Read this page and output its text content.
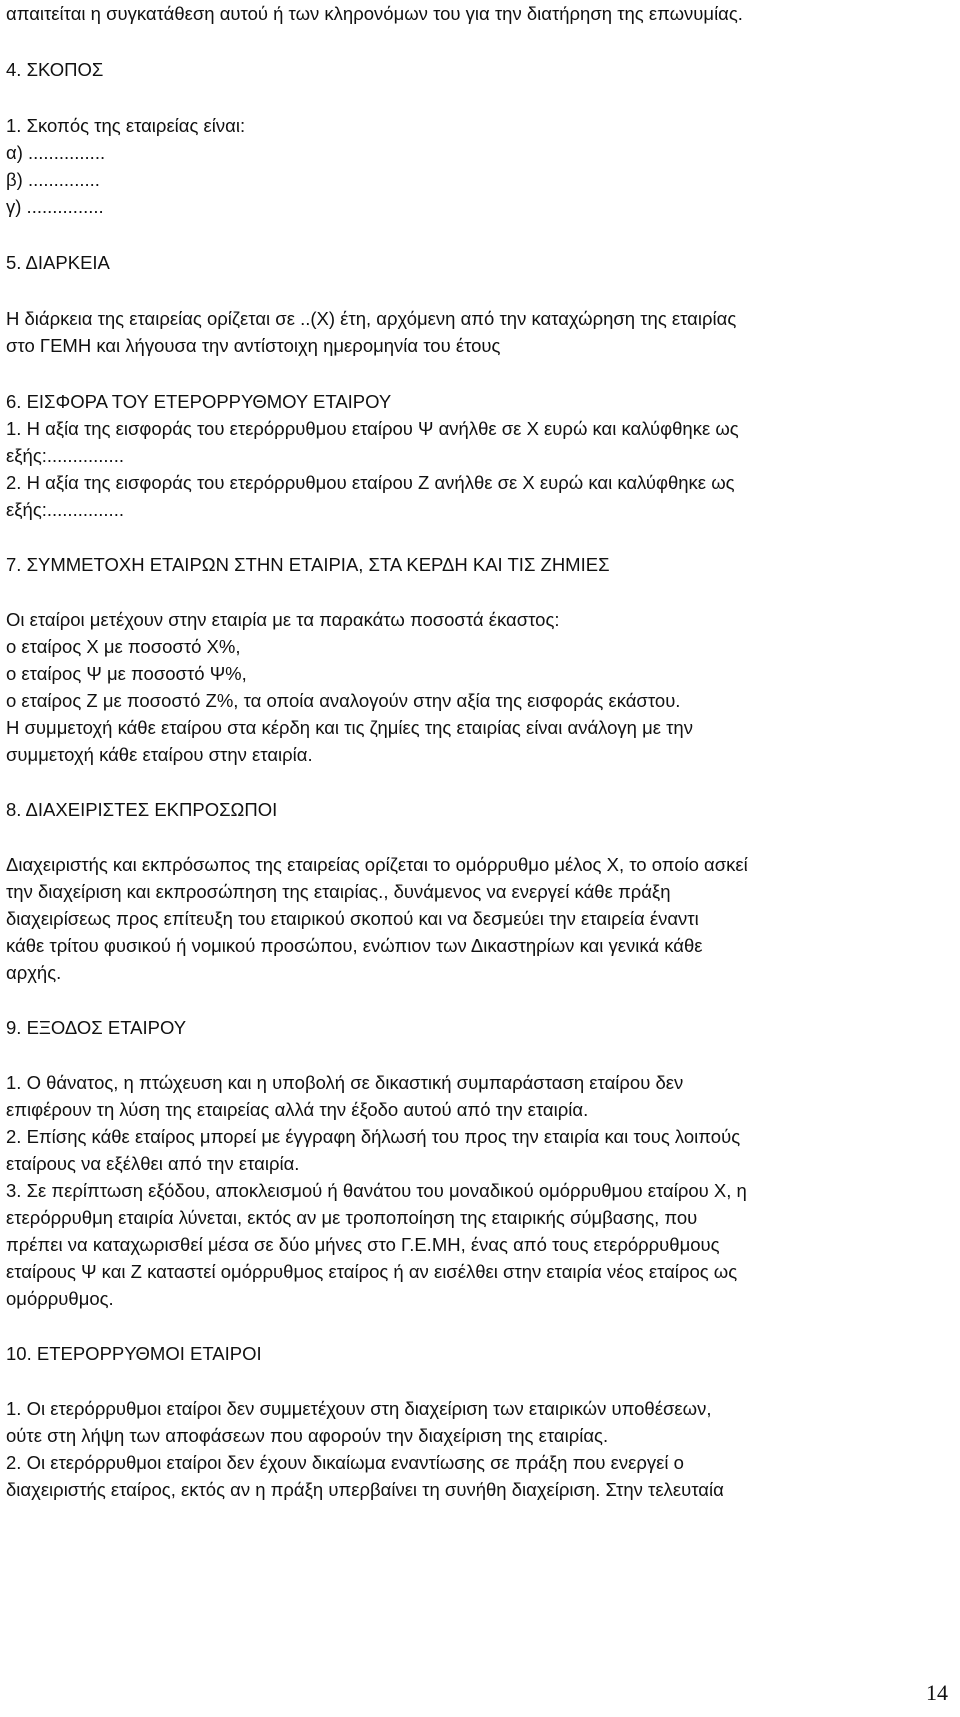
απαιτείται η συγκατάθεση αυτού ή των κληρονόμων του για την διατήρηση της επωνυμίας.
4. ΣΚΟΠΟΣ
1. Σκοπός της εταιρείας είναι:
α) ...............
β) ..............
γ) ...............
5. ΔΙΑΡΚΕΙΑ
Η διάρκεια της εταιρείας ορίζεται σε ..(Χ) έτη, αρχόμενη από την καταχώρηση της εταιρίας
στο ΓΕΜΗ και λήγουσα την αντίστοιχη ημερομηνία του έτους
6. ΕΙΣΦΟΡΑ ΤΟΥ ΕΤΕΡΟΡΡΥΘΜΟΥ ΕΤΑΙΡΟΥ
1. Η αξία της εισφοράς του ετερόρρυθμου εταίρου Ψ ανήλθε σε Χ ευρώ και καλύφθηκε ως
εξής:...............
2. Η αξία της εισφοράς του ετερόρρυθμου εταίρου Ζ ανήλθε σε Χ ευρώ και καλύφθηκε ως
εξής:...............
7. ΣΥΜΜΕΤΟΧΗ ΕΤΑΙΡΩΝ ΣΤΗΝ ΕΤΑΙΡΙΑ, ΣΤΑ ΚΕΡΔΗ ΚΑΙ ΤΙΣ ΖΗΜΙΕΣ
Οι εταίροι μετέχουν στην εταιρία με τα παρακάτω ποσοστά έκαστος:
ο εταίρος Χ με ποσοστό Χ%,
ο εταίρος Ψ με ποσοστό Ψ%,
ο εταίρος Ζ με ποσοστό Ζ%, τα οποία αναλογούν στην αξία της εισφοράς εκάστου.
Η συμμετοχή κάθε εταίρου στα κέρδη και τις ζημίες της εταιρίας είναι ανάλογη με την
συμμετοχή κάθε εταίρου στην εταιρία.
8. ΔΙΑΧΕΙΡΙΣΤΕΣ ΕΚΠΡΟΣΩΠΟΙ
Διαχειριστής και εκπρόσωπος της εταιρείας ορίζεται το ομόρρυθμο μέλος Χ, το οποίο ασκεί
την διαχείριση και εκπροσώπηση της εταιρίας., δυνάμενος να ενεργεί κάθε πράξη
διαχειρίσεως προς επίτευξη του εταιρικού σκοπού και να δεσμεύει την εταιρεία έναντι
κάθε τρίτου φυσικού ή νομικού προσώπου, ενώπιον των Δικαστηρίων και γενικά κάθε
αρχής.
9. ΕΞΟΔΟΣ ΕΤΑΙΡΟΥ
1. Ο θάνατος, η πτώχευση και η υποβολή σε δικαστική συμπαράσταση εταίρου δεν
επιφέρουν τη λύση της εταιρείας αλλά την έξοδο αυτού από την εταιρία.
2. Επίσης κάθε εταίρος μπορεί με έγγραφη δήλωσή του προς την εταιρία και τους λοιπούς
εταίρους να εξέλθει από την εταιρία.
3. Σε περίπτωση εξόδου, αποκλεισμού ή θανάτου του μοναδικού ομόρρυθμου εταίρου Χ, η
ετερόρρυθμη εταιρία λύνεται, εκτός αν με τροποποίηση της εταιρικής σύμβασης, που
πρέπει να καταχωρισθεί μέσα σε δύο μήνες στο Γ.Ε.ΜΗ, ένας από τους ετερόρρυθμους
εταίρους Ψ και Ζ καταστεί ομόρρυθμος εταίρος ή αν εισέλθει στην εταιρία νέος εταίρος ως
ομόρρυθμος.
10. ΕΤΕΡΟΡΡΥΘΜΟΙ ΕΤΑΙΡΟΙ
1. Οι ετερόρρυθμοι εταίροι δεν συμμετέχουν στη διαχείριση των εταιρικών υποθέσεων,
ούτε στη λήψη των αποφάσεων που αφορούν την διαχείριση της εταιρίας.
2. Οι ετερόρρυθμοι εταίροι δεν έχουν δικαίωμα εναντίωσης σε πράξη που ενεργεί ο
διαχειριστής εταίρος, εκτός αν η πράξη υπερβαίνει τη συνήθη διαχείριση. Στην τελευταία
14
